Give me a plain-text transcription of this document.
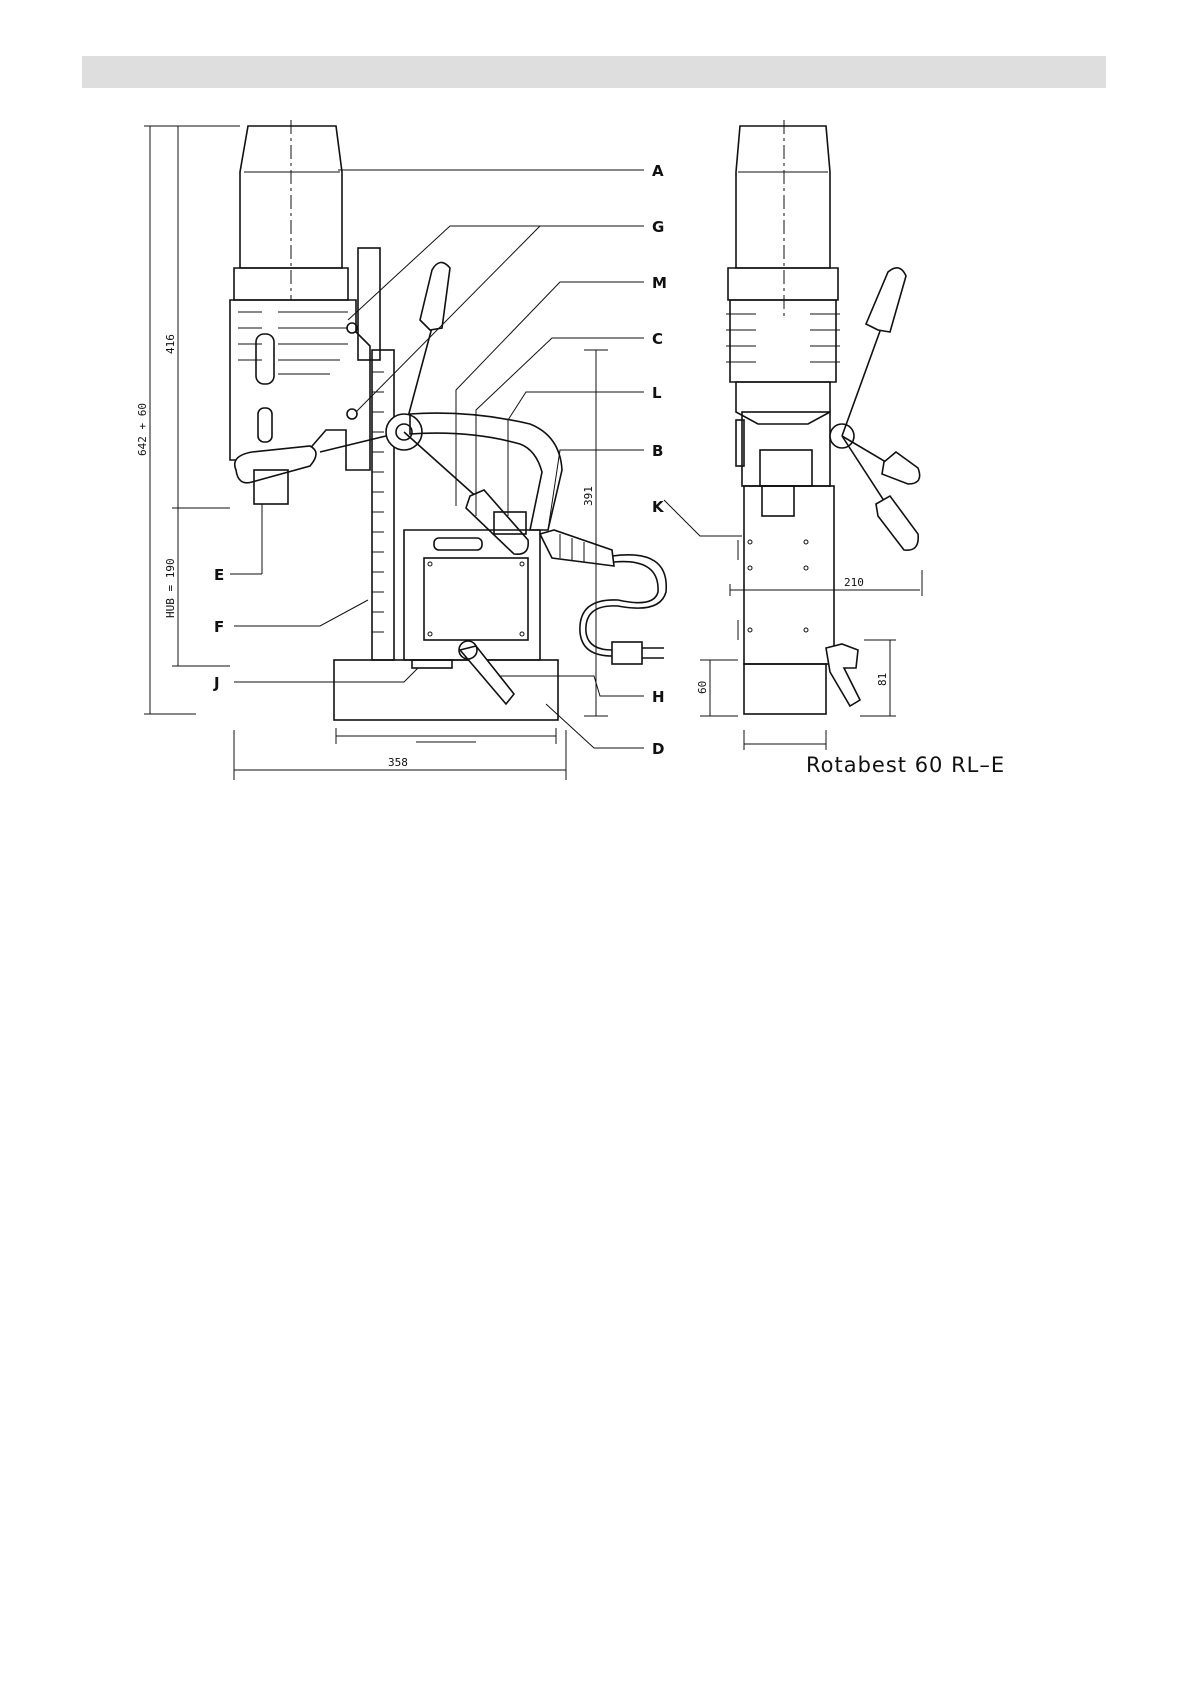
A
G
M
C
L
B
K
E
F
J
H
D
642 + 60
416
HUB = 190
358
391
210
60
81
Rotabest 60 RL–E
